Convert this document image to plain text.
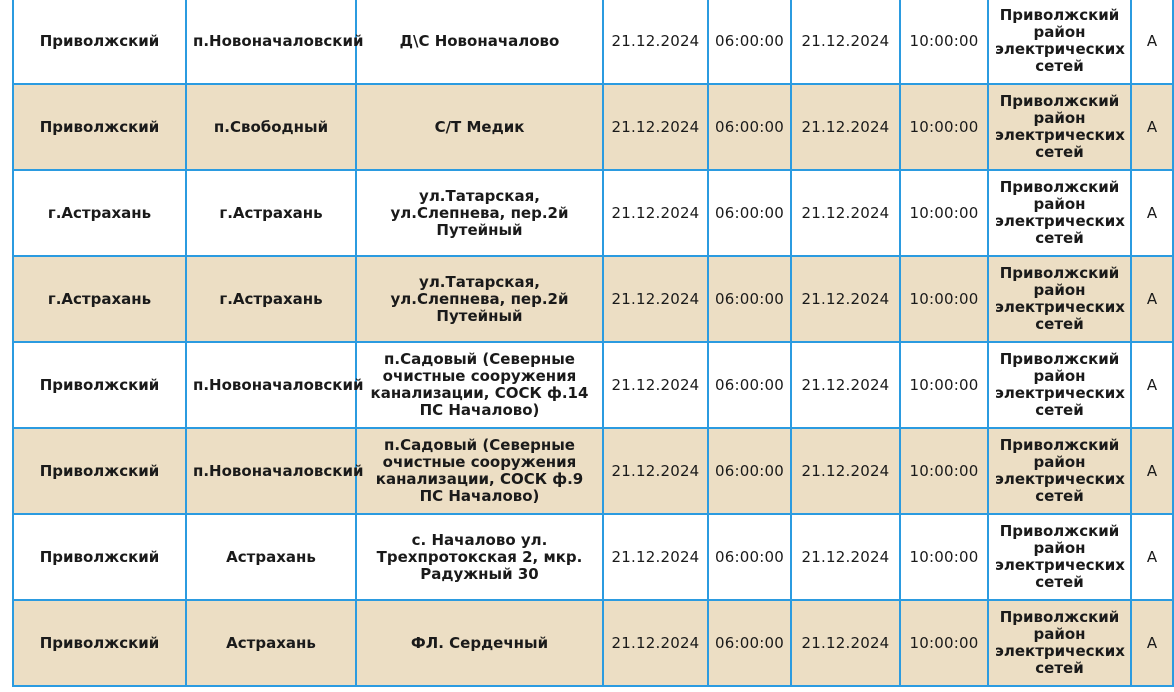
Приволжский	п.Новоначаловский	Д\С Новоначалово	21.12.2024	06:00:00	21.12.2024	10:00:00	Приволжский район электрических сетей	А
Приволжский	п.Свободный	С/Т Медик	21.12.2024	06:00:00	21.12.2024	10:00:00	Приволжский район электрических сетей	А
г.Астрахань	г.Астрахань	ул.Татарская, ул.Слепнева, пер.2й Путейный	21.12.2024	06:00:00	21.12.2024	10:00:00	Приволжский район электрических сетей	А
г.Астрахань	г.Астрахань	ул.Татарская, ул.Слепнева, пер.2й Путейный	21.12.2024	06:00:00	21.12.2024	10:00:00	Приволжский район электрических сетей	А
Приволжский	п.Новоначаловский	п.Садовый (Северные очистные сооружения канализации, СОСК ф.14 ПС Началово)	21.12.2024	06:00:00	21.12.2024	10:00:00	Приволжский район электрических сетей	А
Приволжский	п.Новоначаловский	п.Садовый (Северные очистные сооружения канализации, СОСК ф.9 ПС Началово)	21.12.2024	06:00:00	21.12.2024	10:00:00	Приволжский район электрических сетей	А
Приволжский	Астрахань	с. Началово ул. Трехпротокская 2, мкр. Радужный 30	21.12.2024	06:00:00	21.12.2024	10:00:00	Приволжский район электрических сетей	А
Приволжский	Астрахань	ФЛ. Сердечный	21.12.2024	06:00:00	21.12.2024	10:00:00	Приволжский район электрических сетей	А
